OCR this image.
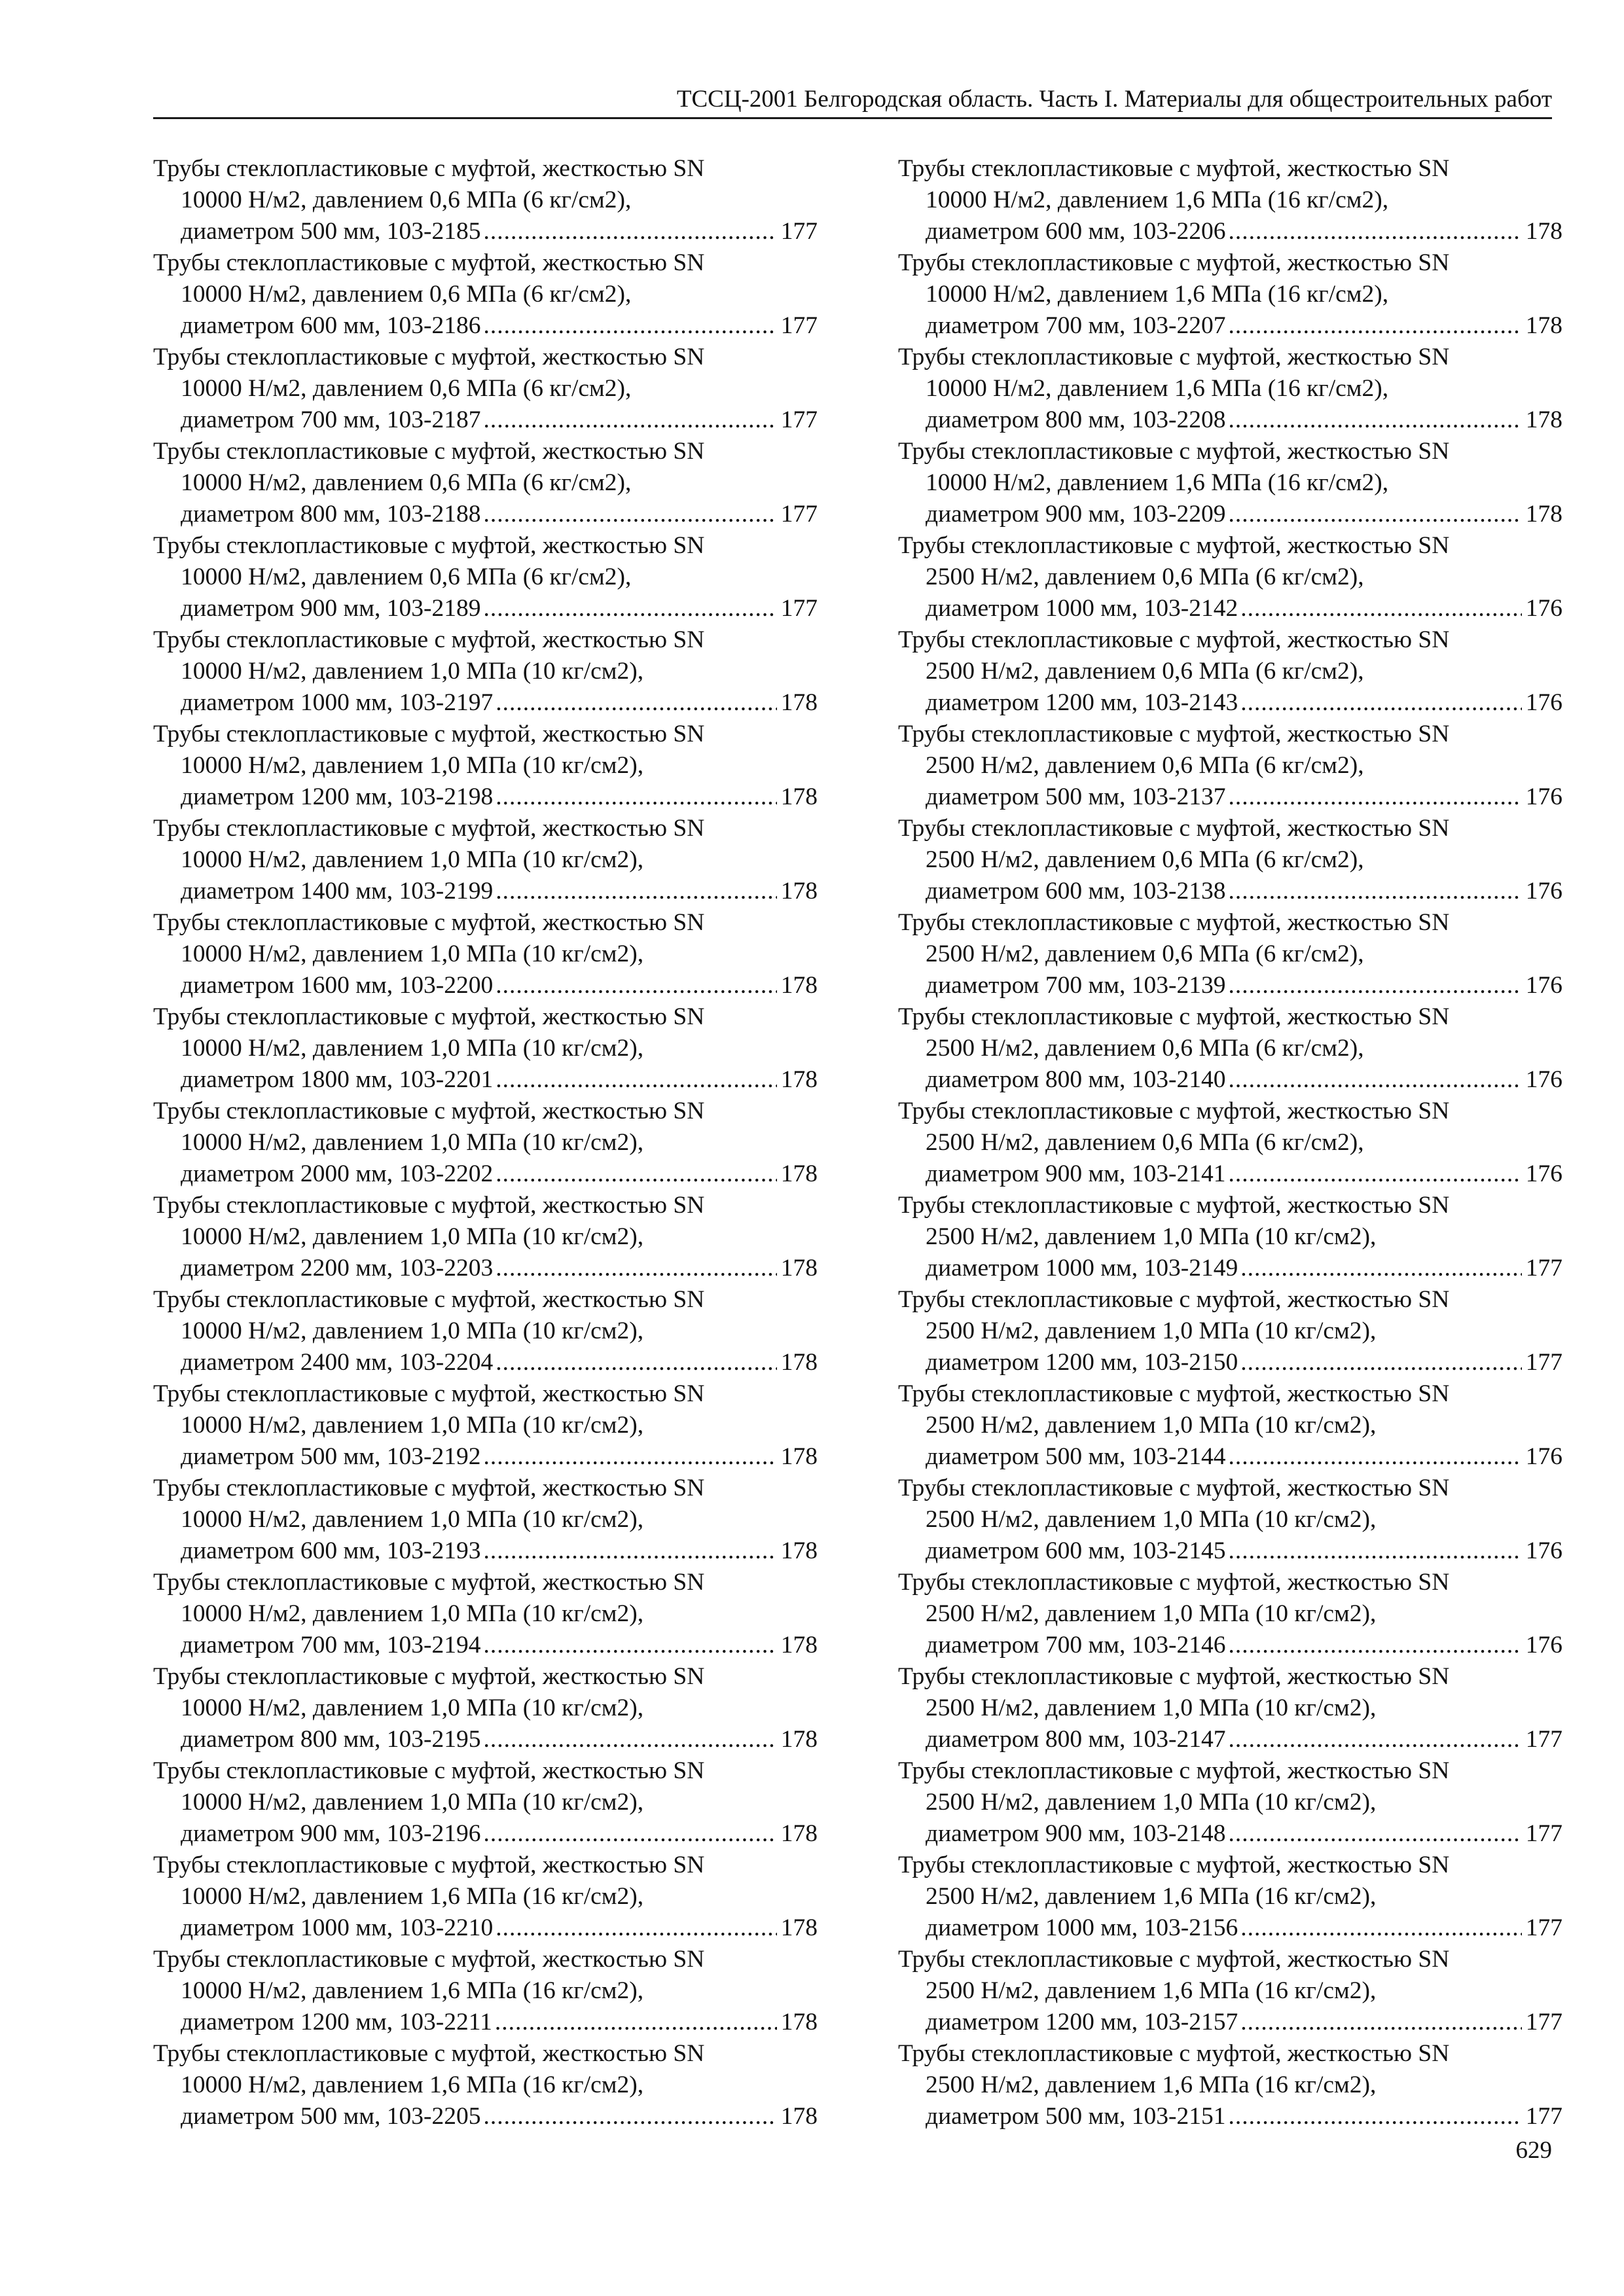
ТССЦ-2001 Белгородская область. Часть I. Материалы для общестроительных работ
Трубы стеклопластиковые с муфтой, жесткостью SN
10000 Н/м2, давлением 0,6 МПа (6 кг/см2),
диаметром 500 мм, 103-2185 .....	177
Трубы стеклопластиковые с муфтой, жесткостью SN
10000 Н/м2, давлением 0,6 МПа (6 кг/см2),
диаметром 600 мм, 103-2186 .....	177
Трубы стеклопластиковые с муфтой, жесткостью SN
10000 Н/м2, давлением 0,6 МПа (6 кг/см2),
диаметром 700 мм, 103-2187 .....	177
Трубы стеклопластиковые с муфтой, жесткостью SN
10000 Н/м2, давлением 0,6 МПа (6 кг/см2),
диаметром 800 мм, 103-2188 .....	177
Трубы стеклопластиковые с муфтой, жесткостью SN
10000 Н/м2, давлением 0,6 МПа (6 кг/см2),
диаметром 900 мм, 103-2189 .....	177
Трубы стеклопластиковые с муфтой, жесткостью SN
10000 Н/м2, давлением 1,0 МПа (10 кг/см2),
диаметром 1000 мм, 103-2197 .....	178
Трубы стеклопластиковые с муфтой, жесткостью SN
10000 Н/м2, давлением 1,0 МПа (10 кг/см2),
диаметром 1200 мм, 103-2198 .....	178
Трубы стеклопластиковые с муфтой, жесткостью SN
10000 Н/м2, давлением 1,0 МПа (10 кг/см2),
диаметром 1400 мм, 103-2199 .....	178
Трубы стеклопластиковые с муфтой, жесткостью SN
10000 Н/м2, давлением 1,0 МПа (10 кг/см2),
диаметром 1600 мм, 103-2200 .....	178
Трубы стеклопластиковые с муфтой, жесткостью SN
10000 Н/м2, давлением 1,0 МПа (10 кг/см2),
диаметром 1800 мм, 103-2201 .....	178
Трубы стеклопластиковые с муфтой, жесткостью SN
10000 Н/м2, давлением 1,0 МПа (10 кг/см2),
диаметром 2000 мм, 103-2202 .....	178
Трубы стеклопластиковые с муфтой, жесткостью SN
10000 Н/м2, давлением 1,0 МПа (10 кг/см2),
диаметром 2200 мм, 103-2203 .....	178
Трубы стеклопластиковые с муфтой, жесткостью SN
10000 Н/м2, давлением 1,0 МПа (10 кг/см2),
диаметром 2400 мм, 103-2204 .....	178
Трубы стеклопластиковые с муфтой, жесткостью SN
10000 Н/м2, давлением 1,0 МПа (10 кг/см2),
диаметром 500 мм, 103-2192 .....	178
Трубы стеклопластиковые с муфтой, жесткостью SN
10000 Н/м2, давлением 1,0 МПа (10 кг/см2),
диаметром 600 мм, 103-2193 .....	178
Трубы стеклопластиковые с муфтой, жесткостью SN
10000 Н/м2, давлением 1,0 МПа (10 кг/см2),
диаметром 700 мм, 103-2194 .....	178
Трубы стеклопластиковые с муфтой, жесткостью SN
10000 Н/м2, давлением 1,0 МПа (10 кг/см2),
диаметром 800 мм, 103-2195 .....	178
Трубы стеклопластиковые с муфтой, жесткостью SN
10000 Н/м2, давлением 1,0 МПа (10 кг/см2),
диаметром 900 мм, 103-2196 .....	178
Трубы стеклопластиковые с муфтой, жесткостью SN
10000 Н/м2, давлением 1,6 МПа (16 кг/см2),
диаметром 1000 мм, 103-2210 .....	178
Трубы стеклопластиковые с муфтой, жесткостью SN
10000 Н/м2, давлением 1,6 МПа (16 кг/см2),
диаметром 1200 мм, 103-2211 .....	178
Трубы стеклопластиковые с муфтой, жесткостью SN
10000 Н/м2, давлением 1,6 МПа (16 кг/см2),
диаметром 500 мм, 103-2205 .....	178
Трубы стеклопластиковые с муфтой, жесткостью SN
10000 Н/м2, давлением 1,6 МПа (16 кг/см2),
диаметром 600 мм, 103-2206 .....	178
Трубы стеклопластиковые с муфтой, жесткостью SN
10000 Н/м2, давлением 1,6 МПа (16 кг/см2),
диаметром 700 мм, 103-2207 .....	178
Трубы стеклопластиковые с муфтой, жесткостью SN
10000 Н/м2, давлением 1,6 МПа (16 кг/см2),
диаметром 800 мм, 103-2208 .....	178
Трубы стеклопластиковые с муфтой, жесткостью SN
10000 Н/м2, давлением 1,6 МПа (16 кг/см2),
диаметром 900 мм, 103-2209 .....	178
Трубы стеклопластиковые с муфтой, жесткостью SN
2500 Н/м2, давлением 0,6 МПа (6 кг/см2),
диаметром 1000 мм, 103-2142 .....	176
Трубы стеклопластиковые с муфтой, жесткостью SN
2500 Н/м2, давлением 0,6 МПа (6 кг/см2),
диаметром 1200 мм, 103-2143 .....	176
Трубы стеклопластиковые с муфтой, жесткостью SN
2500 Н/м2, давлением 0,6 МПа (6 кг/см2),
диаметром 500 мм, 103-2137 .....	176
Трубы стеклопластиковые с муфтой, жесткостью SN
2500 Н/м2, давлением 0,6 МПа (6 кг/см2),
диаметром 600 мм, 103-2138 .....	176
Трубы стеклопластиковые с муфтой, жесткостью SN
2500 Н/м2, давлением 0,6 МПа (6 кг/см2),
диаметром 700 мм, 103-2139 .....	176
Трубы стеклопластиковые с муфтой, жесткостью SN
2500 Н/м2, давлением 0,6 МПа (6 кг/см2),
диаметром 800 мм, 103-2140 .....	176
Трубы стеклопластиковые с муфтой, жесткостью SN
2500 Н/м2, давлением 0,6 МПа (6 кг/см2),
диаметром 900 мм, 103-2141 .....	176
Трубы стеклопластиковые с муфтой, жесткостью SN
2500 Н/м2, давлением 1,0 МПа (10 кг/см2),
диаметром 1000 мм, 103-2149 .....	177
Трубы стеклопластиковые с муфтой, жесткостью SN
2500 Н/м2, давлением 1,0 МПа (10 кг/см2),
диаметром 1200 мм, 103-2150 .....	177
Трубы стеклопластиковые с муфтой, жесткостью SN
2500 Н/м2, давлением 1,0 МПа (10 кг/см2),
диаметром 500 мм, 103-2144 .....	176
Трубы стеклопластиковые с муфтой, жесткостью SN
2500 Н/м2, давлением 1,0 МПа (10 кг/см2),
диаметром 600 мм, 103-2145 .....	176
Трубы стеклопластиковые с муфтой, жесткостью SN
2500 Н/м2, давлением 1,0 МПа (10 кг/см2),
диаметром 700 мм, 103-2146 .....	176
Трубы стеклопластиковые с муфтой, жесткостью SN
2500 Н/м2, давлением 1,0 МПа (10 кг/см2),
диаметром 800 мм, 103-2147 .....	177
Трубы стеклопластиковые с муфтой, жесткостью SN
2500 Н/м2, давлением 1,0 МПа (10 кг/см2),
диаметром 900 мм, 103-2148 .....	177
Трубы стеклопластиковые с муфтой, жесткостью SN
2500 Н/м2, давлением 1,6 МПа (16 кг/см2),
диаметром 1000 мм, 103-2156 .....	177
Трубы стеклопластиковые с муфтой, жесткостью SN
2500 Н/м2, давлением 1,6 МПа (16 кг/см2),
диаметром 1200 мм, 103-2157 .....	177
Трубы стеклопластиковые с муфтой, жесткостью SN
2500 Н/м2, давлением 1,6 МПа (16 кг/см2),
диаметром 500 мм, 103-2151 .....	177
629
